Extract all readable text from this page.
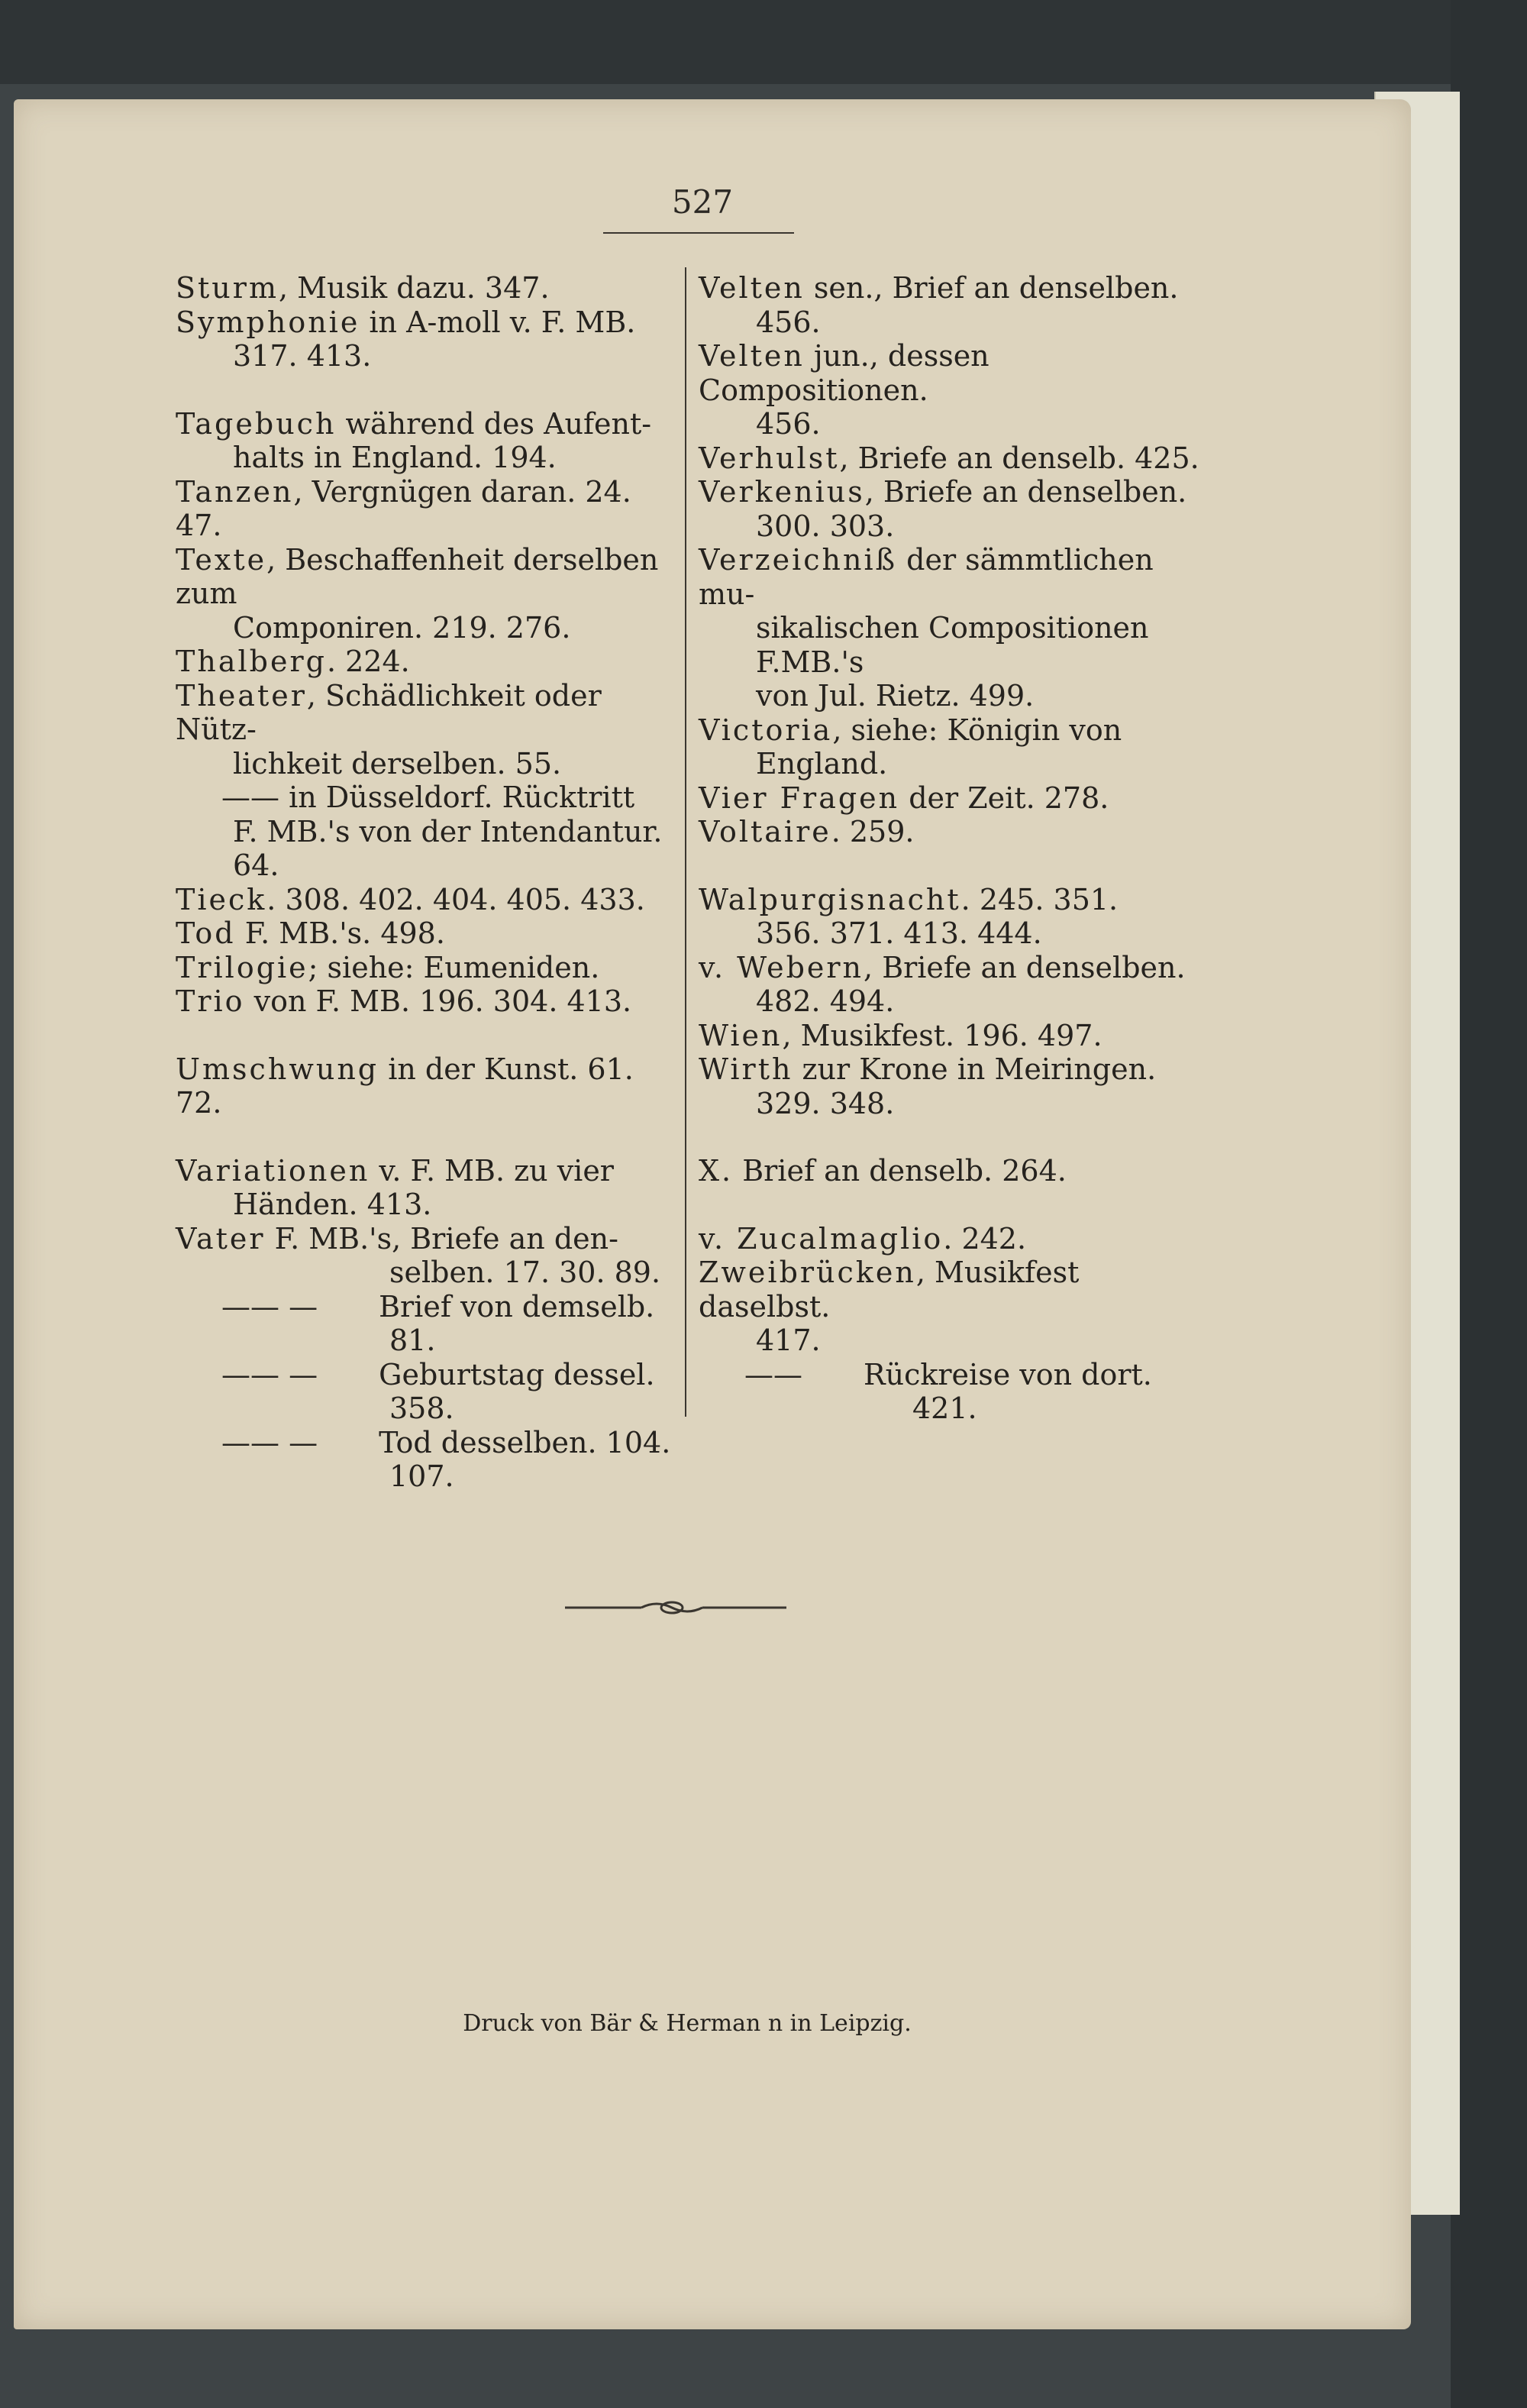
527
Sturm, Musik dazu. 347.
Symphonie in A-moll v. F. MB.
317. 413.
Tagebuch während des Aufent-
halts in England. 194.
Tanzen, Vergnügen daran. 24. 47.
Texte, Beschaffenheit derselben zum
Componiren. 219. 276.
Thalberg. 224.
Theater, Schädlichkeit oder Nütz-
lichkeit derselben. 55.
—— in Düsseldorf. Rücktritt
F. MB.'s von der Intendantur. 64.
Tieck. 308. 402. 404. 405. 433.
Tod F. MB.'s. 498.
Trilogie; siehe: Eumeniden.
Trio von F. MB. 196. 304. 413.
Umschwung in der Kunst. 61. 72.
Variationen v. F. MB. zu vier
Händen. 413.
Vater F. MB.'s, Briefe an den-
selben. 17. 30. 89.
—— — Brief von demselb.
81.
—— — Geburtstag dessel.
358.
—— — Tod desselben. 104.
107.
Velten sen., Brief an denselben.
456.
Velten jun., dessen Compositionen.
456.
Verhulst, Briefe an denselb. 425.
Verkenius, Briefe an denselben.
300. 303.
Verzeichniß der sämmtlichen mu-
sikalischen Compositionen F.MB.'s
von Jul. Rietz. 499.
Victoria, siehe: Königin von
England.
Vier Fragen der Zeit. 278.
Voltaire. 259.
Walpurgisnacht. 245. 351.
356. 371. 413. 444.
v. Webern, Briefe an denselben.
482. 494.
Wien, Musikfest. 196. 497.
Wirth zur Krone in Meiringen.
329. 348.
X. Brief an denselb. 264.
v. Zucalmaglio. 242.
Zweibrücken, Musikfest daselbst.
417.
—— Rückreise von dort.
421.
Druck von Bär & Herman n in Leipzig.
